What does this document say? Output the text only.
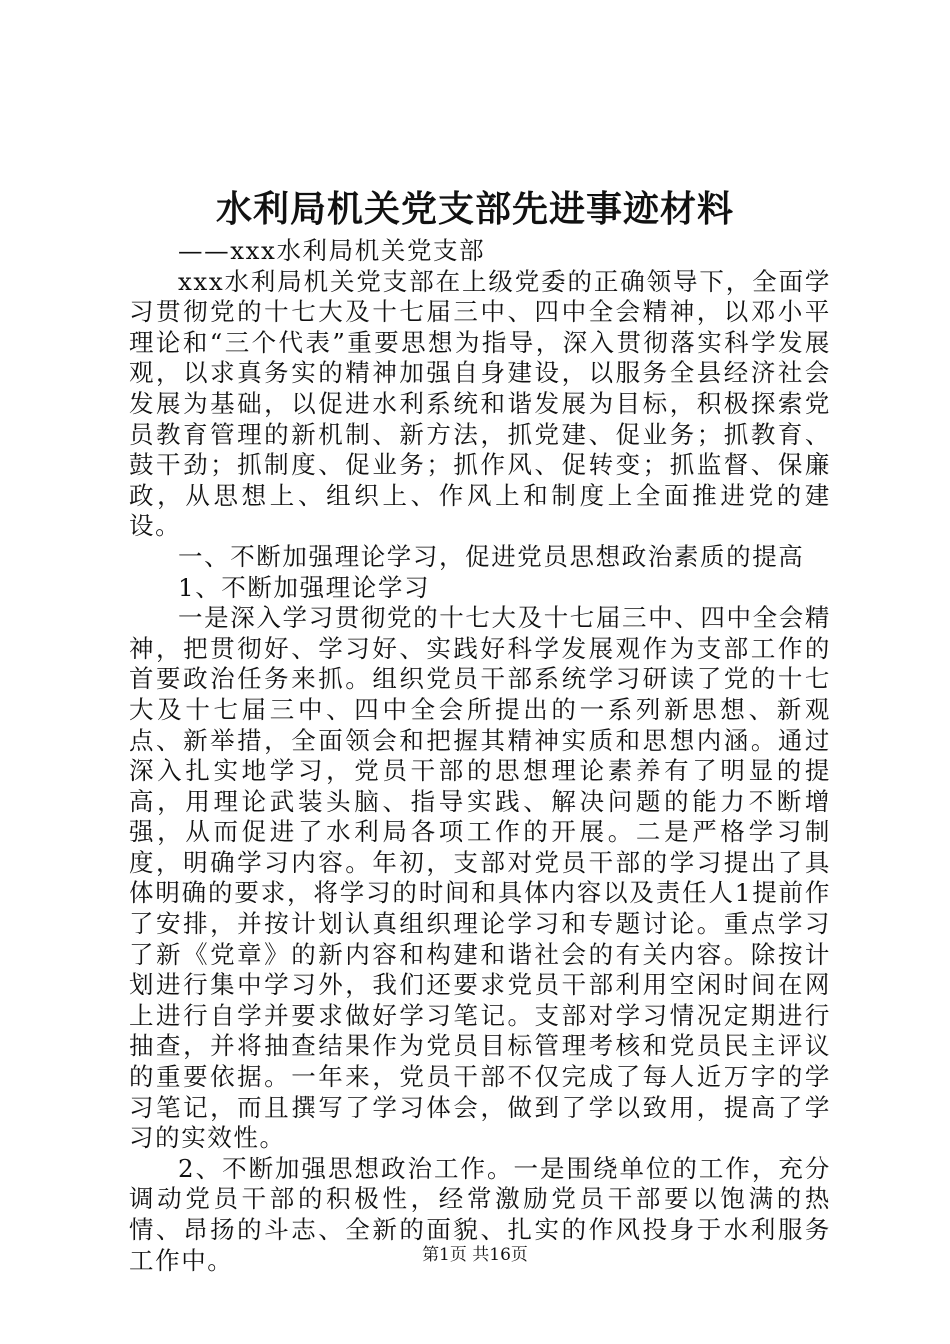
水利局机关党支部先进事迹材料

——xxx水利局机关党支部

xxx水利局机关党支部在上级党委的正确领导下，全面学习贯彻党的十七大及十七届三中、四中全会精神，以邓小平理论和“三个代表”重要思想为指导，深入贯彻落实科学发展观，以求真务实的精神加强自身建设，以服务全县经济社会发展为基础，以促进水利系统和谐发展为目标，积极探索党员教育管理的新机制、新方法，抓党建、促业务；抓教育、鼓干劲；抓制度、促业务；抓作风、促转变；抓监督、保廉政，从思想上、组织上、作风上和制度上全面推进党的建设。

一、不断加强理论学习，促进党员思想政治素质的提高

1、不断加强理论学习

一是深入学习贯彻党的十七大及十七届三中、四中全会精神，把贯彻好、学习好、实践好科学发展观作为支部工作的首要政治任务来抓。组织党员干部系统学习研读了党的十七大及十七届三中、四中全会所提出的一系列新思想、新观点、新举措，全面领会和把握其精神实质和思想内涵。通过深入扎实地学习，党员干部的思想理论素养有了明显的提高，用理论武装头脑、指导实践、解决问题的能力不断增强，从而促进了水利局各项工作的开展。二是严格学习制度，明确学习内容。年初，支部对党员干部的学习提出了具体明确的要求，将学习的时间和具体内容以及责任人1提前作了安排，并按计划认真组织理论学习和专题讨论。重点学习了新《党章》的新内容和构建和谐社会的有关内容。除按计划进行集中学习外，我们还要求党员干部利用空闲时间在网上进行自学并要求做好学习笔记。支部对学习情况定期进行抽查，并将抽查结果作为党员目标管理考核和党员民主评议的重要依据。一年来，党员干部不仅完成了每人近万字的学习笔记，而且撰写了学习体会，做到了学以致用，提高了学习的实效性。

2、不断加强思想政治工作。一是围绕单位的工作，充分调动党员干部的积极性，经常激励党员干部要以饱满的热情、昂扬的斗志、全新的面貌、扎实的作风投身于水利服务工作中。	第1页 共16页
